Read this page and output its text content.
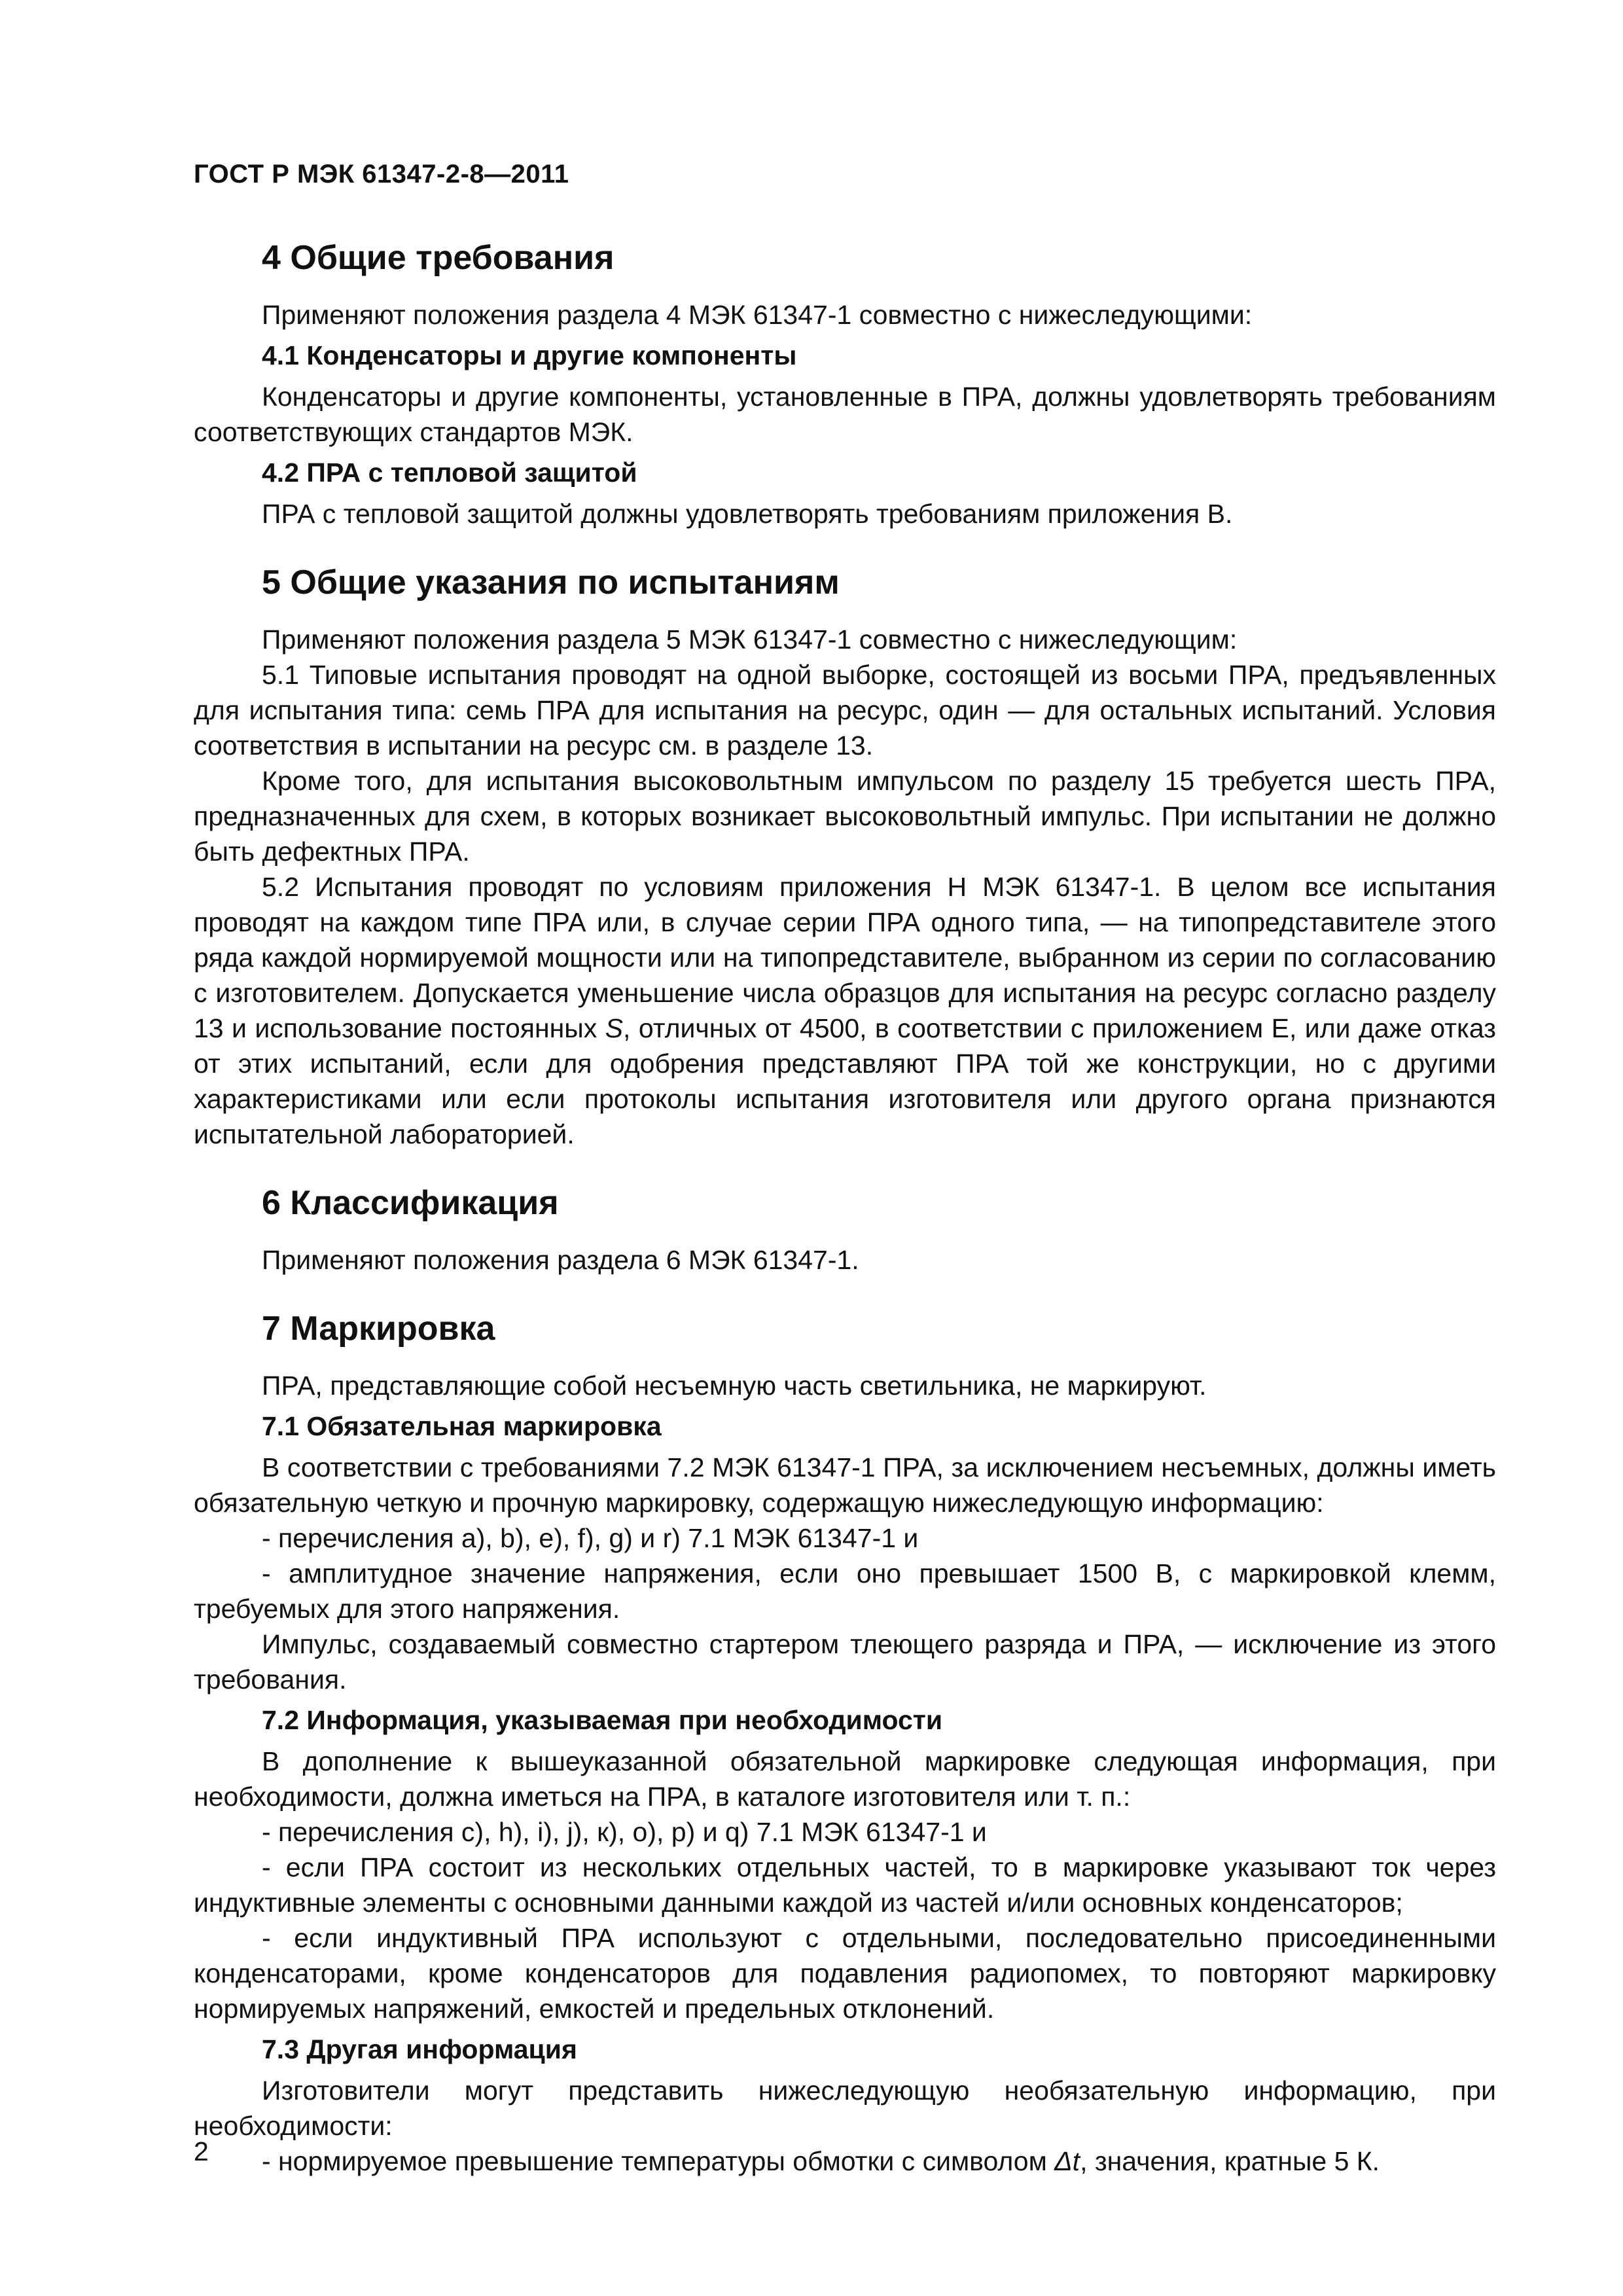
ГОСТ Р МЭК 61347-2-8—2011
4 Общие требования

Применяют положения раздела 4 МЭК 61347-1 совместно с нижеследующими:

4.1 Конденсаторы и другие компоненты

Конденсаторы и другие компоненты, установленные в ПРА, должны удовлетворять требованиям соответствующих стандартов МЭК.

4.2 ПРА с тепловой защитой

ПРА с тепловой защитой должны удовлетворять требованиям приложения В.

5 Общие указания по испытаниям

Применяют положения раздела 5 МЭК 61347-1 совместно с нижеследующим:

5.1 Типовые испытания проводят на одной выборке, состоящей из восьми ПРА, предъявленных для испытания типа: семь ПРА для испытания на ресурс, один — для остальных испытаний. Условия соответствия в испытании на ресурс см. в разделе 13.

Кроме того, для испытания высоковольтным импульсом по разделу 15 требуется шесть ПРА, предназначенных для схем, в которых возникает высоковольтный импульс. При испытании не должно быть дефектных ПРА.

5.2 Испытания проводят по условиям приложения Н МЭК 61347-1. В целом все испытания проводят на каждом типе ПРА или, в случае серии ПРА одного типа, — на типопредставителе этого ряда каждой нормируемой мощности или на типопредставителе, выбранном из серии по согласованию с изготовителем. Допускается уменьшение числа образцов для испытания на ресурс согласно разделу 13 и использование постоянных S, отличных от 4500, в соответствии с приложением Е, или даже отказ от этих испытаний, если для одобрения представляют ПРА той же конструкции, но с другими характеристиками или если протоколы испытания изготовителя или другого органа признаются испытательной лабораторией.

6 Классификация

Применяют положения раздела 6 МЭК 61347-1.

7 Маркировка

ПРА, представляющие собой несъемную часть светильника, не маркируют.

7.1 Обязательная маркировка

В соответствии с требованиями 7.2 МЭК 61347-1 ПРА, за исключением несъемных, должны иметь обязательную четкую и прочную маркировку, содержащую нижеследующую информацию:

- перечисления а), b), е), f), g) и r) 7.1 МЭК 61347-1 и

- амплитудное значение напряжения, если оно превышает 1500 В, с маркировкой клемм, требуемых для этого напряжения.

Импульс, создаваемый совместно стартером тлеющего разряда и ПРА, — исключение из этого требования.

7.2 Информация, указываемая при необходимости

В дополнение к вышеуказанной обязательной маркировке следующая информация, при необходимости, должна иметься на ПРА, в каталоге изготовителя или т. п.:

- перечисления с), h), i), j), к), о), р) и q) 7.1 МЭК 61347-1 и

- если ПРА состоит из нескольких отдельных частей, то в маркировке указывают ток через индуктивные элементы с основными данными каждой из частей и/или основных конденсаторов;

- если индуктивный ПРА используют с отдельными, последовательно присоединенными конденсаторами, кроме конденсаторов для подавления радиопомех, то повторяют маркировку нормируемых напряжений, емкостей и предельных отклонений.

7.3 Другая информация

Изготовители могут представить нижеследующую необязательную информацию, при необходимости:

- нормируемое превышение температуры обмотки с символом Δt, значения, кратные 5 К.

2
